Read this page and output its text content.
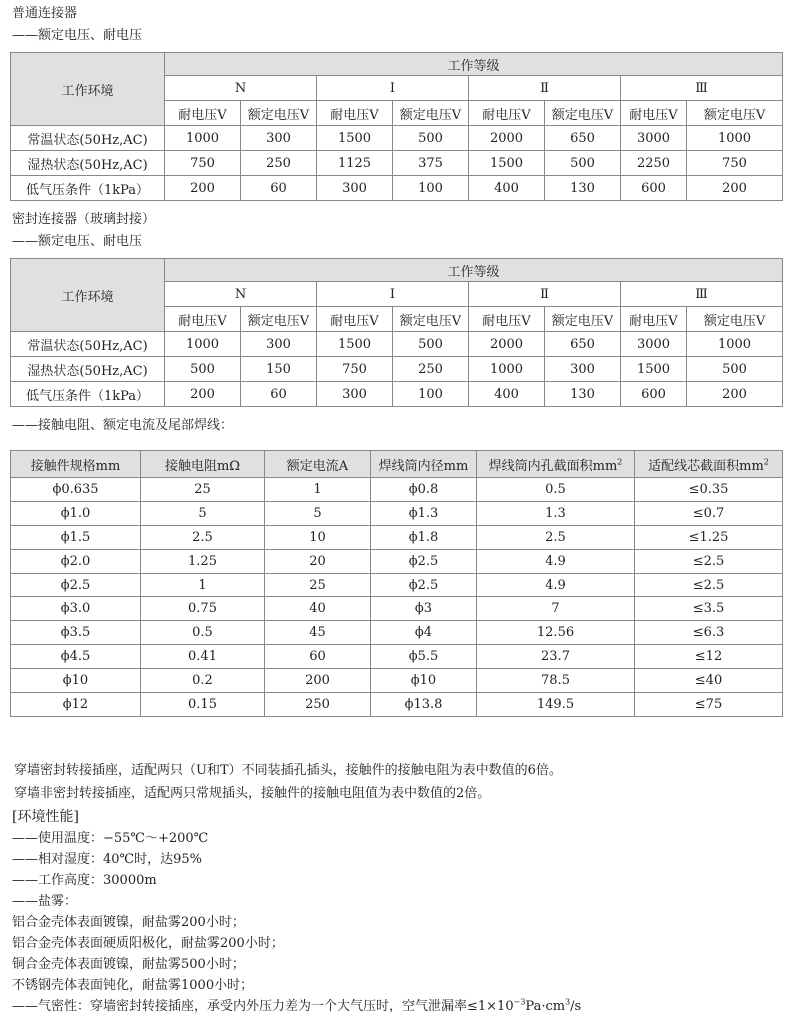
普通连接器
——额定电压、耐电压
工作环境	工作等级							
	N		I		Ⅱ		Ⅲ	
	耐电压V	额定电压V	耐电压V	额定电压V	耐电压V	额定电压V	耐电压V	额定电压V
常温状态(50Hz,AC)	1000	300	1500	500	2000	650	3000	1000
湿热状态(50Hz,AC)	750	250	1125	375	1500	500	2250	750
低气压条件（1kPa）	200	60	300	100	400	130	600	200
密封连接器（玻璃封接）
——额定电压、耐电压
工作环境	工作等级							
	N		I		Ⅱ		Ⅲ	
	耐电压V	额定电压V	耐电压V	额定电压V	耐电压V	额定电压V	耐电压V	额定电压V
常温状态(50Hz,AC)	1000	300	1500	500	2000	650	3000	1000
湿热状态(50Hz,AC)	500	150	750	250	1000	300	1500	500
低气压条件（1kPa）	200	60	300	100	400	130	600	200
——接触电阻、额定电流及尾部焊线：
接触件规格mm	接触电阻mΩ	额定电流A	焊线筒内径mm	焊线筒内孔截面积$mm^2$	适配线芯截面积$mm^2$
ϕ0.635	25	1	ϕ0.8	0.5	≤0.35
ϕ1.0	5	5	ϕ1.3	1.3	≤0.7
ϕ1.5	2.5	10	ϕ1.8	2.5	≤1.25
ϕ2.0	1.25	20	ϕ2.5	4.9	≤2.5
ϕ2.5	1	25	ϕ2.5	4.9	≤2.5
ϕ3.0	0.75	40	ϕ3	7	≤3.5
ϕ3.5	0.5	45	ϕ4	12.56	≤6.3
ϕ4.5	0.41	60	ϕ5.5	23.7	≤12
ϕ10	0.2	200	ϕ10	78.5	≤40
ϕ12	0.15	250	ϕ13.8	149.5	≤75
穿墙密封转接插座，适配两只（U和T）不同装插孔插头，接触件的接触电阻为表中数值的6倍。
穿墙非密封转接插座，适配两只常规插头，接触件的接触电阻值为表中数值的2倍。
[环境性能]
——使用温度：−55℃～+200℃
——相对湿度：40℃时，达95%
——工作高度：30000m
——盐雾：
铝合金壳体表面镀镍，耐盐雾200小时；
铝合金壳体表面硬质阳极化，耐盐雾200小时；
铜合金壳体表面镀镍，耐盐雾500小时；
不锈钢壳体表面钝化，耐盐雾1000小时；
——气密性：穿墙密封转接插座，承受内外压力差为一个大气压时，空气泄漏率$\le 1\times 10^{-3}Pa\cdot cm^3/s$
